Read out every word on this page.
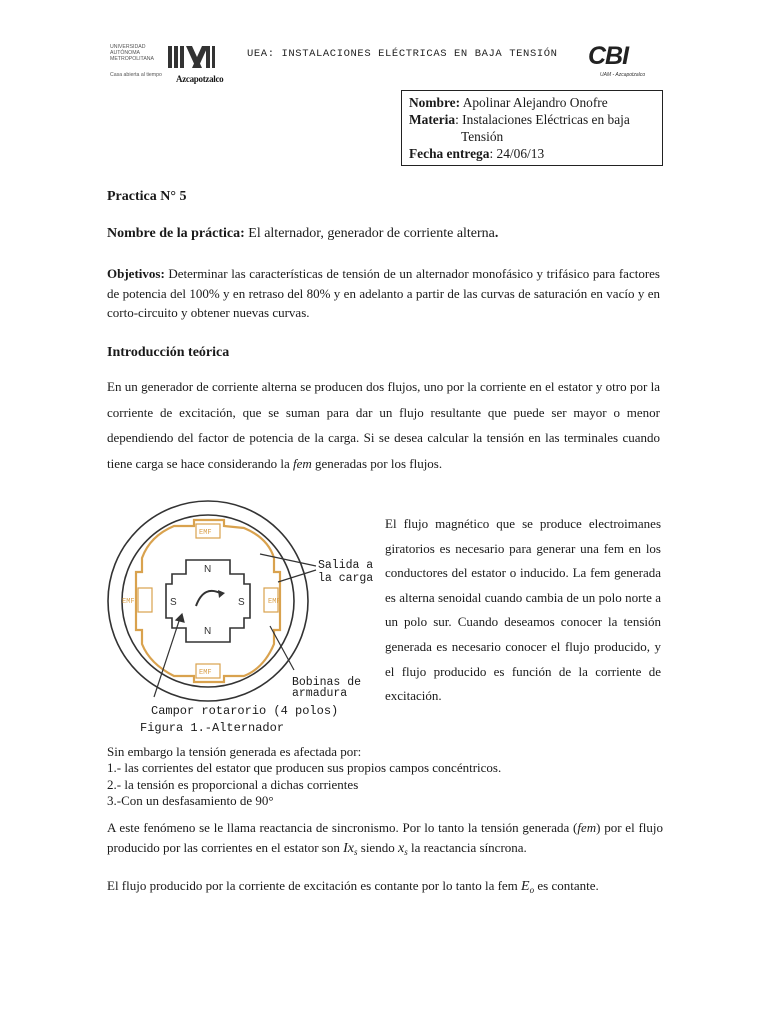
UNIVERSIDAD
AUTÓNOMA
METROPOLITANA
Casa abierta al tiempo Azcapotzalco
UEA: INSTALACIONES ELÉCTRICAS EN BAJA TENSIÓN CBI
UAM - Azcapotzalco
Nombre: Apolinar Alejandro Onofre
Materia: Instalaciones Eléctricas en baja
Tensión
Fecha entrega: 24/06/13
Practica N° 5
Nombre de la práctica: El alternador, generador de corriente alterna.
Objetivos: Determinar las características de tensión de un alternador monofásico y trifásico para factores de potencia del 100% y en retraso del 80% y en adelanto a partir de las curvas de saturación en vacío y en corto-circuito y obtener nuevas curvas.
Introducción teórica
En un generador de corriente alterna se producen dos flujos, uno por la corriente en el estator y otro por la corriente de excitación, que se suman para dar un flujo resultante que puede ser mayor o menor dependiendo del factor de potencia de la carga. Si se desea calcular la tensión en las terminales cuando tiene carga se hace considerando la fem generadas por los flujos.
EMF
EMF
EMF	EMF
N
N
S	S
Salida a
la carga
Bobinas de
armadura
Campor rotarorio (4 polos)
Figura 1.-Alternador
El flujo magnético que se produce electroimanes giratorios es necesario para generar una fem en los conductores del estator o inducido. La fem generada es alterna senoidal cuando cambia de un polo norte a un polo sur. Cuando deseamos conocer la tensión generada es necesario conocer el flujo producido, y el flujo producido es función de la corriente de excitación.
Sin embargo la tensión generada es afectada por:
1.- las corrientes del estator que producen sus propios campos concéntricos.
2.- la tensión es proporcional a dichas corrientes
3.-Con un desfasamiento de 90°
A este fenómeno se le llama reactancia de sincronismo. Por lo tanto la tensión generada (fem) por el flujo producido por las corrientes en el estator son $Ix_s$ siendo $x_s$ la reactancia síncrona.
El flujo producido por la corriente de excitación es contante por lo tanto la fem $E_o$ es contante.
